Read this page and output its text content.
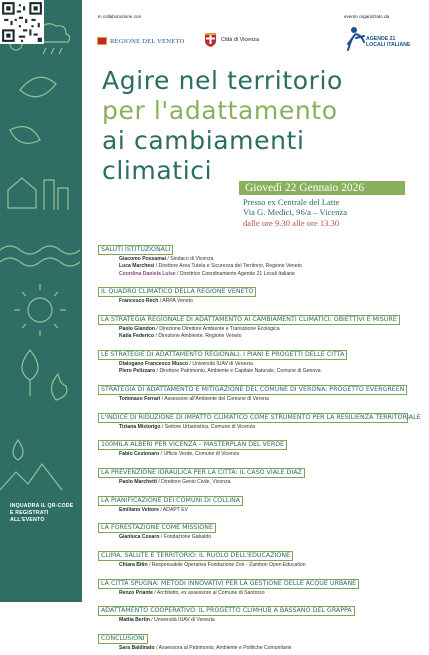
INQUADRA IL QR-CODE E REGISTRATI ALL'EVENTO
in collaborazione con	evento organizzato da
REGIONE DEL VENETO	Città di Vicenza	AGENDE 21 LOCALI ITALIANE
Agire nel territorio
per l'adattamento
ai cambiamenti
climatici
Giovedì 22 Gennaio 2026
Presso ex Centrale del Latte
Via G. Medici, 96/a – Vicenza
dalle ore 9.30 alle ore 13.30
SALUTI ISTITUZIONALI
Giacomo Possamai / Sindaco di Vicenza
Luca Marchesi / Direttore Area Tutela e Sicurezza del Territorio, Regione Veneto
Coordina Daniela Luise / Direttrice Coordinamento Agende 21 Locali Italiane
IL QUADRO CLIMATICO DELLA REGIONE VENETO
Francesco Rech / ARPA Veneto
LA STRATEGIA REGIONALE DI ADATTAMENTO AI CAMBIAMENTI CLIMATICI: OBIETTIVI E MISURE
Paolo Giandon / Direzione Direttore Ambiente e Transizione Ecologica
Katia Federico / Direzione Ambiente, Regione Veneto
LE STRATEGIE DI ADATTAMENTO REGIONALI, I PIANI E PROGETTI DELLE CITTÀ
Dialogano Francesco Musco / Università IUAV di Venezia
Piero Pelizzaro / Direttore Patrimonio, Ambiente e Capitale Naturale, Comune di Genova
STRATEGIA DI ADATTAMENTO E MITIGAZIONE DEL COMUNE DI VERONA: PROGETTO EVERGREEN
Tommaso Ferrari / Assessore all'Ambiente del Comune di Verona
L'INDICE DI RIDUZIONE DI IMPATTO CLIMATICO COME STRUMENTO PER LA RESILIENZA TERRITORIALE
Tiziana Mistorigo / Settore Urbanistica, Comune di Vicenza
100MILA ALBERI PER VICENZA – MASTERPLAN DEL VERDE
Fabio Cestonaro / Ufficio Verde, Comune di Vicenza
LA PREVENZIONE IDRAULICA PER LA CITTÀ: IL CASO VIALE DIAZ
Paolo Marchetti / Direttore Genio Civile, Vicenza
LA PIANIFICAZIONE DEI COMUNI DI COLLINA
Emiliano Vettore / ADAPT EV
LA FORESTAZIONE COME MISSIONE
Gianluca Cosaro / Fondazione Gabaldo
CLIMA, SALUTE E TERRITORIO: IL RUOLO DELL'EDUCAZIONE
Chiara Bitin / Responsabile Operativa Fondazione Zoé - Zambon Open Education
LA CITTÀ SPUGNA: METODI INNOVATIVI PER LA GESTIONE DELLE ACQUE URBANE
Renzo Priante / Architetto, ex assessore al Comune di Santorso
ADATTAMENTO COOPERATIVO. IL PROGETTO CLIMHUB A BASSANO DEL GRAPPA
Mattia Bertin / Università IUAV di Venezia
CONCLUSIONI
Sara Baldinato / Assessora al Patrimonio, Ambiente e Politiche Comunitarie
